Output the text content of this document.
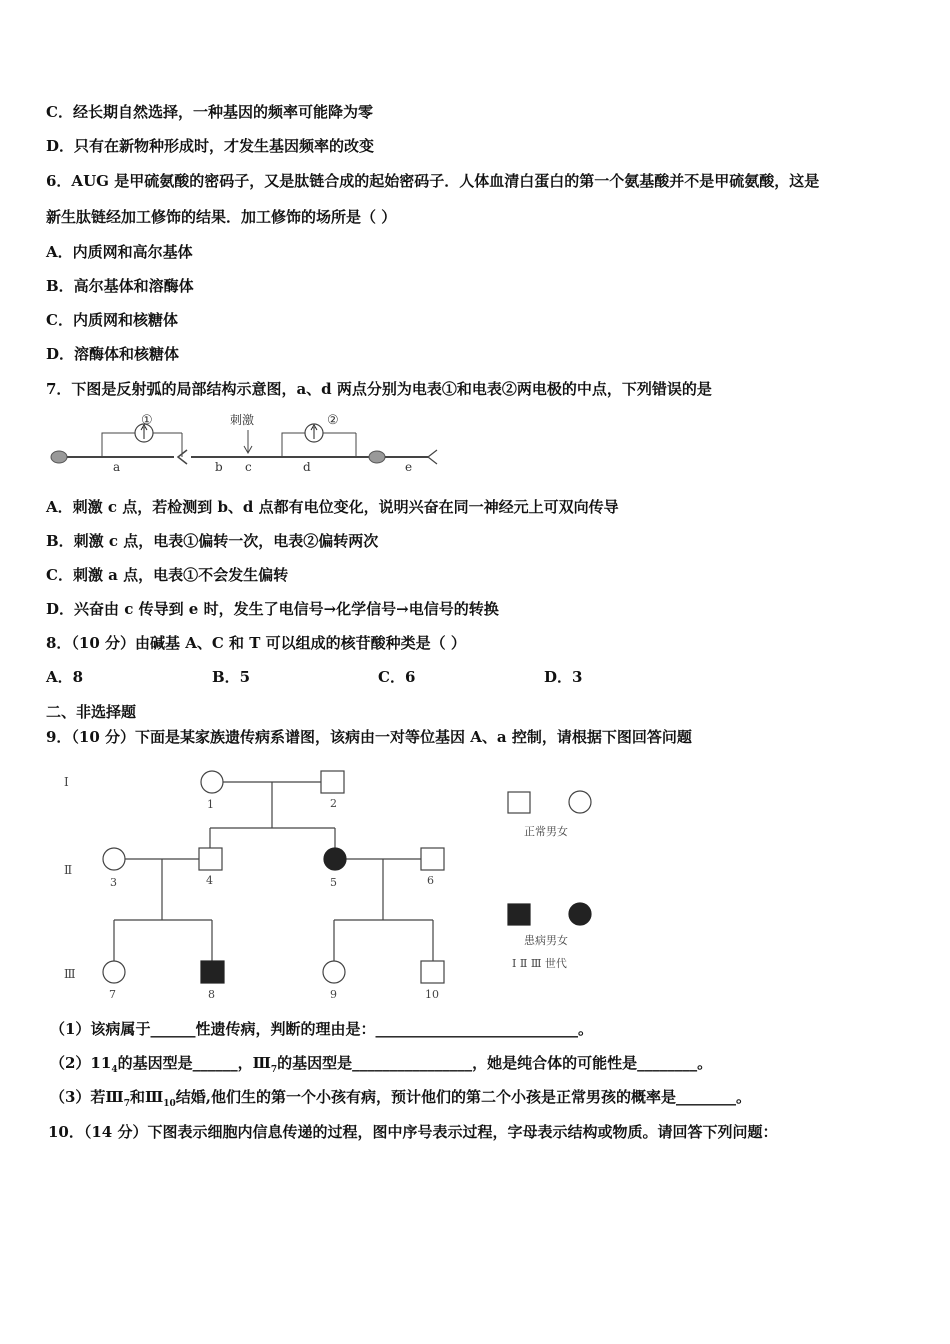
C．经长期自然选择，一种基因的频率可能降为零
D．只有在新物种形成时，才发生基因频率的改变
6．AUG 是甲硫氨酸的密码子，又是肽链合成的起始密码子．人体血清白蛋白的第一个氨基酸并不是甲硫氨酸，这是
新生肽链经加工修饰的结果．加工修饰的场所是（ ）
A．内质网和高尔基体
B．高尔基体和溶酶体
C．内质网和核糖体
D．溶酶体和核糖体
7．下图是反射弧的局部结构示意图，a、d 两点分别为电表①和电表②两电极的中点，下列错误的是
①	②
刺激
a	b c	d	e
A．刺激 c 点，若检测到 b、d 点都有电位变化，说明兴奋在同一神经元上可双向传导
B．刺激 c 点，电表①偏转一次，电表②偏转两次
C．刺激 a 点，电表①不会发生偏转
D．兴奋由 c 传导到 e 时，发生了电信号→化学信号→电信号的转换
8．（10 分）由碱基 A、C 和 T 可以组成的核苷酸种类是（ ）
A．8	B．5	C．6	D．3
二、非选择题
9．（10 分）下面是某家族遗传病系谱图，该病由一对等位基因 A、a 控制，请根据下图回答问题
Ⅰ
Ⅱ
Ⅲ
1	2
3	4	5	6
7	8	9	10
正常男女
患病男女
Ⅰ Ⅱ Ⅲ 世代
（1）该病属于______性遗传病，判断的理由是：___________________________。
$(2)11_4$的基因型是______，$Ⅲ_7$的基因型是________________，她是纯合体的可能性是________。
（3）若$Ⅲ_7$和$Ⅲ_{10}$结婚,他们生的第一个小孩有病，预计他们的第二个小孩是正常男孩的概率是________。
10．（14 分）下图表示细胞内信息传递的过程，图中序号表示过程，字母表示结构或物质。请回答下列问题：
